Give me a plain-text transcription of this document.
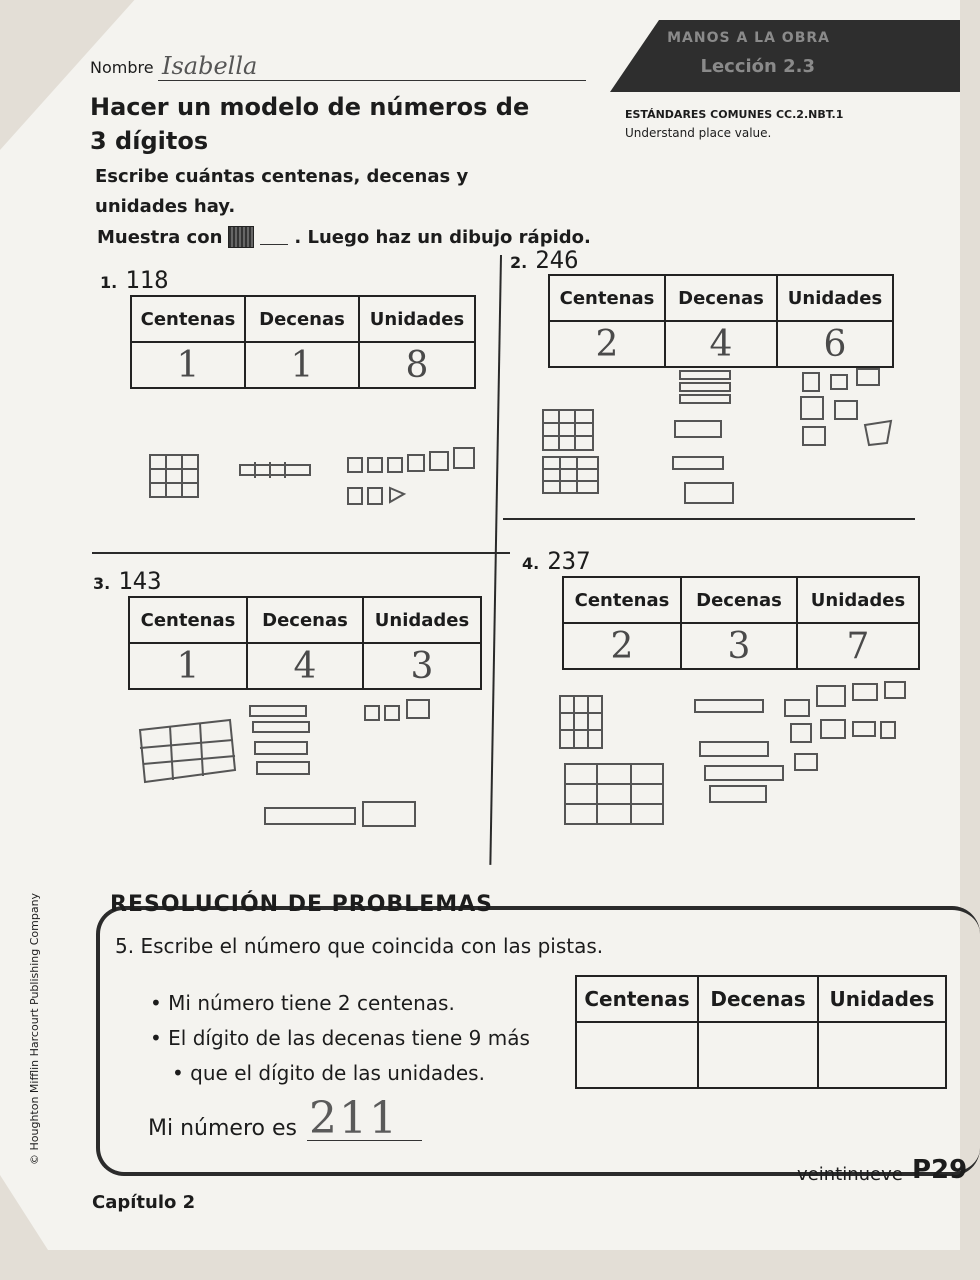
MANOS A LA OBRA
Lección 2.3
Nombre Isabella
Hacer un modelo de números de 3 dígitos
ESTÁNDARES COMUNES CC.2.NBT.1
Understand place value.
Escribe cuántas centenas, decenas y unidades hay.
Muestra con	. Luego haz un dibujo rápido.
1. 118
Centenas	Decenas	Unidades
1	1	8
2. 246
Centenas	Decenas	Unidades
2	4	6
3. 143
Centenas	Decenas	Unidades
1	4	3
4. 237
Centenas	Decenas	Unidades
2	3	7
RESOLUCIÓN DE PROBLEMAS
5. Escribe el número que coincida con las pistas.
• Mi número tiene 2 centenas.
• El dígito de las decenas tiene 9 más
• que el dígito de las unidades.
Centenas	Decenas	Unidades

Mi número es 211
veintinueve P29
Capítulo 2
© Houghton Mifflin Harcourt Publishing Company
